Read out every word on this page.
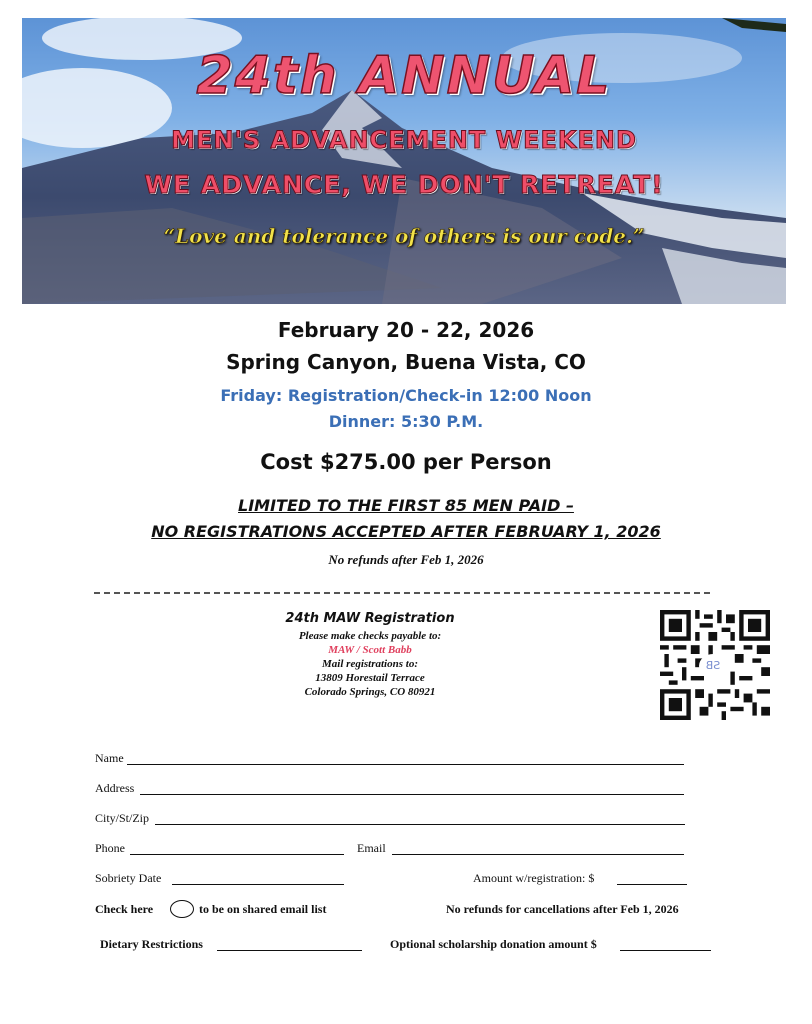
24th ANNUAL
MEN'S ADVANCEMENT WEEKEND
WE ADVANCE, WE DON'T RETREAT!
“Love and tolerance of others is our code.”
February 20 - 22, 2026
Spring Canyon, Buena Vista, CO
Friday: Registration/Check-in 12:00 Noon
Dinner: 5:30 P.M.
Cost $275.00 per Person
LIMITED TO THE FIRST 85 MEN PAID –
NO REGISTRATIONS ACCEPTED AFTER FEBRUARY 1, 2026
No refunds after Feb 1, 2026
24th MAW Registration
Please make checks payable to:
MAW / Scott Babb
Mail registrations to:
13809 Horestail Terrace
Colorado Springs, CO 80921
SB
Name
Address
City/St/Zip
Phone	Email
Sobriety Date	Amount w/registration: $
Check here	to be on shared email list	No refunds for cancellations after Feb 1, 2026
Dietary Restrictions	Optional scholarship donation amount $
